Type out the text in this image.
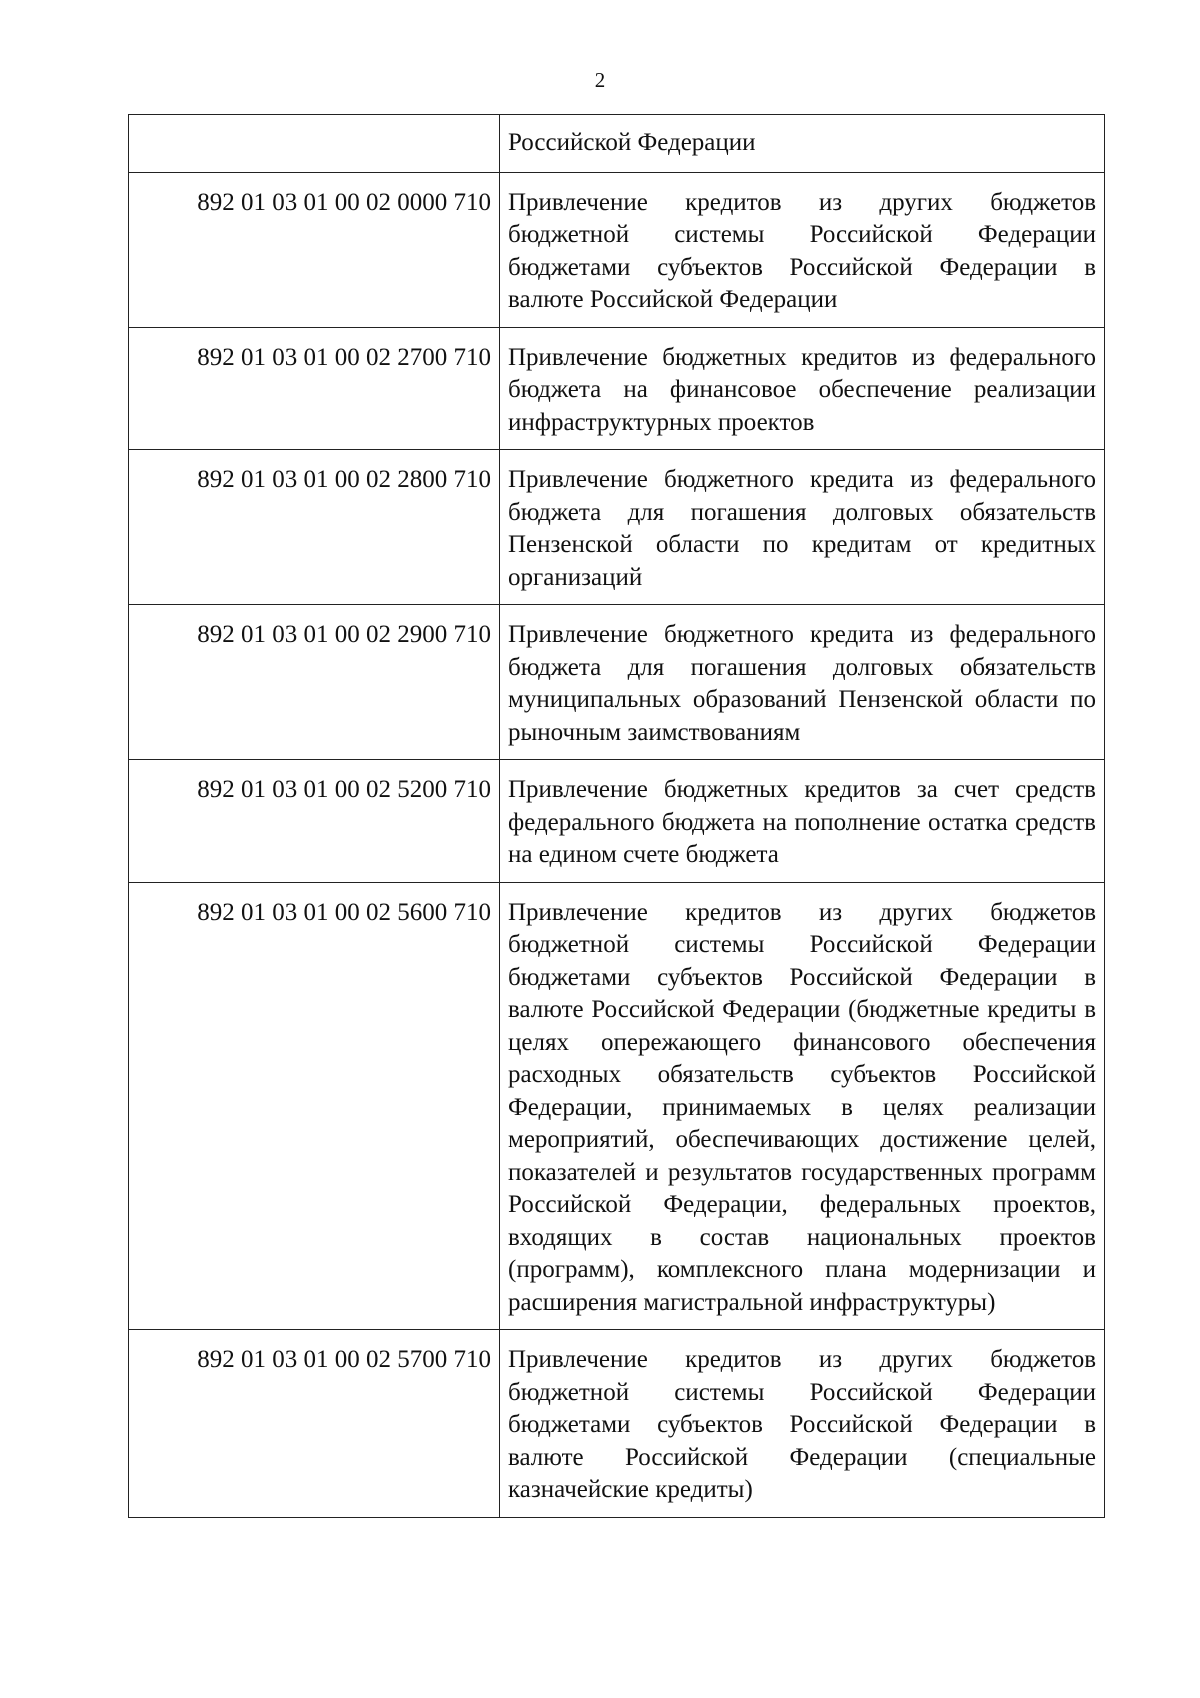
2
	Российской Федерации
892 01 03 01 00 02 0000 710	Привлечение кредитов из других бюджетов бюджетной системы Российской Федерации бюджетами субъектов Российской Федерации в валюте Российской Федерации
892 01 03 01 00 02 2700 710	Привлечение бюджетных кредитов из федерального бюджета на финансовое обеспечение реализации инфраструктурных проектов
892 01 03 01 00 02 2800 710	Привлечение бюджетного кредита из федерального бюджета для погашения долговых обязательств Пензенской области по кредитам от кредитных организаций
892 01 03 01 00 02 2900 710	Привлечение бюджетного кредита из федерального бюджета для погашения долговых обязательств муниципальных образований Пензенской области по рыночным заимствованиям
892 01 03 01 00 02 5200 710	Привлечение бюджетных кредитов за счет средств федерального бюджета на пополнение остатка средств на едином счете бюджета
892 01 03 01 00 02 5600 710	Привлечение кредитов из других бюджетов бюджетной системы Российской Федерации бюджетами субъектов Российской Федерации в валюте Российской Федерации (бюджетные кредиты в целях опережающего финансового обеспечения расходных обязательств субъектов Российской Федерации, принимаемых в целях реализации мероприятий, обеспечивающих достижение целей, показателей и результатов государственных программ Российской Федерации, федеральных проектов, входящих в состав национальных проектов (программ), комплексного плана модернизации и расширения магистральной инфраструктуры)
892 01 03 01 00 02 5700 710	Привлечение кредитов из других бюджетов бюджетной системы Российской Федерации бюджетами субъектов Российской Федерации в валюте Российской Федерации (специальные казначейские кредиты)
